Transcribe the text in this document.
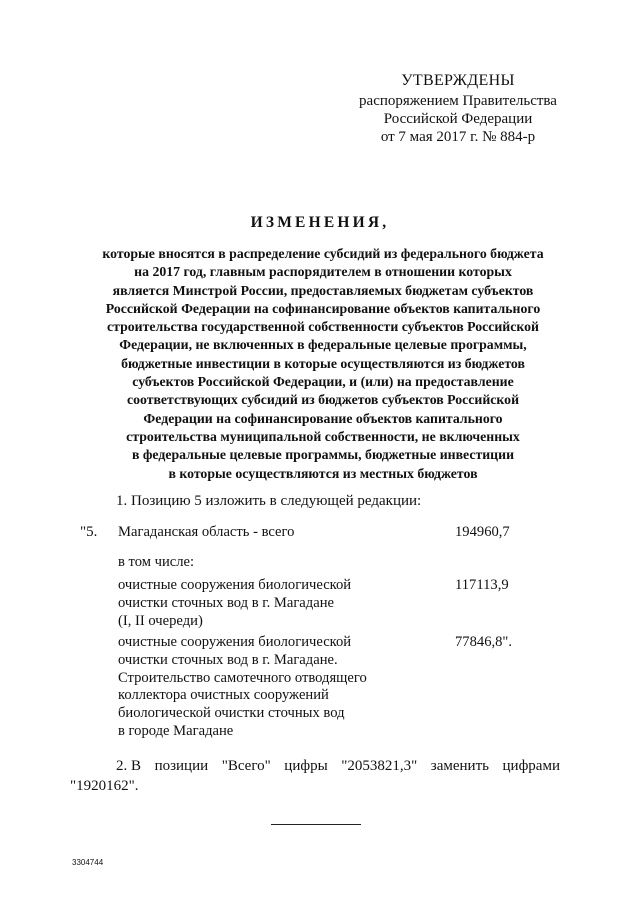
УТВЕРЖДЕНЫ
распоряжением Правительства
Российской Федерации
от 7 мая 2017 г. № 884-р
ИЗМЕНЕНИЯ,
которые вносятся в распределение субсидий из федерального бюджета
на 2017 год, главным распорядителем в отношении которых
является Минстрой России, предоставляемых бюджетам субъектов
Российской Федерации на софинансирование объектов капитального
строительства государственной собственности субъектов Российской
Федерации, не включенных в федеральные целевые программы,
бюджетные инвестиции в которые осуществляются из бюджетов
субъектов Российской Федерации, и (или) на предоставление
соответствующих субсидий из бюджетов субъектов Российской
Федерации на софинансирование объектов капитального
строительства муниципальной собственности, не включенных
в федеральные целевые программы, бюджетные инвестиции
в которые осуществляются из местных бюджетов
1. Позицию 5 изложить в следующей редакции:
"5. Магаданская область - всего	194960,7
в том числе:
очистные сооружения биологической
очистки сточных вод в г. Магадане
(I, II очереди)
117113,9
очистные сооружения биологической
очистки сточных вод в г. Магадане.
Строительство самотечного отводящего
коллектора очистных сооружений
биологической очистки сточных вод
в городе Магадане
77846,8".
2. В позиции "Всего" цифры "2053821,3" заменить цифрами
"1920162".
3304744
